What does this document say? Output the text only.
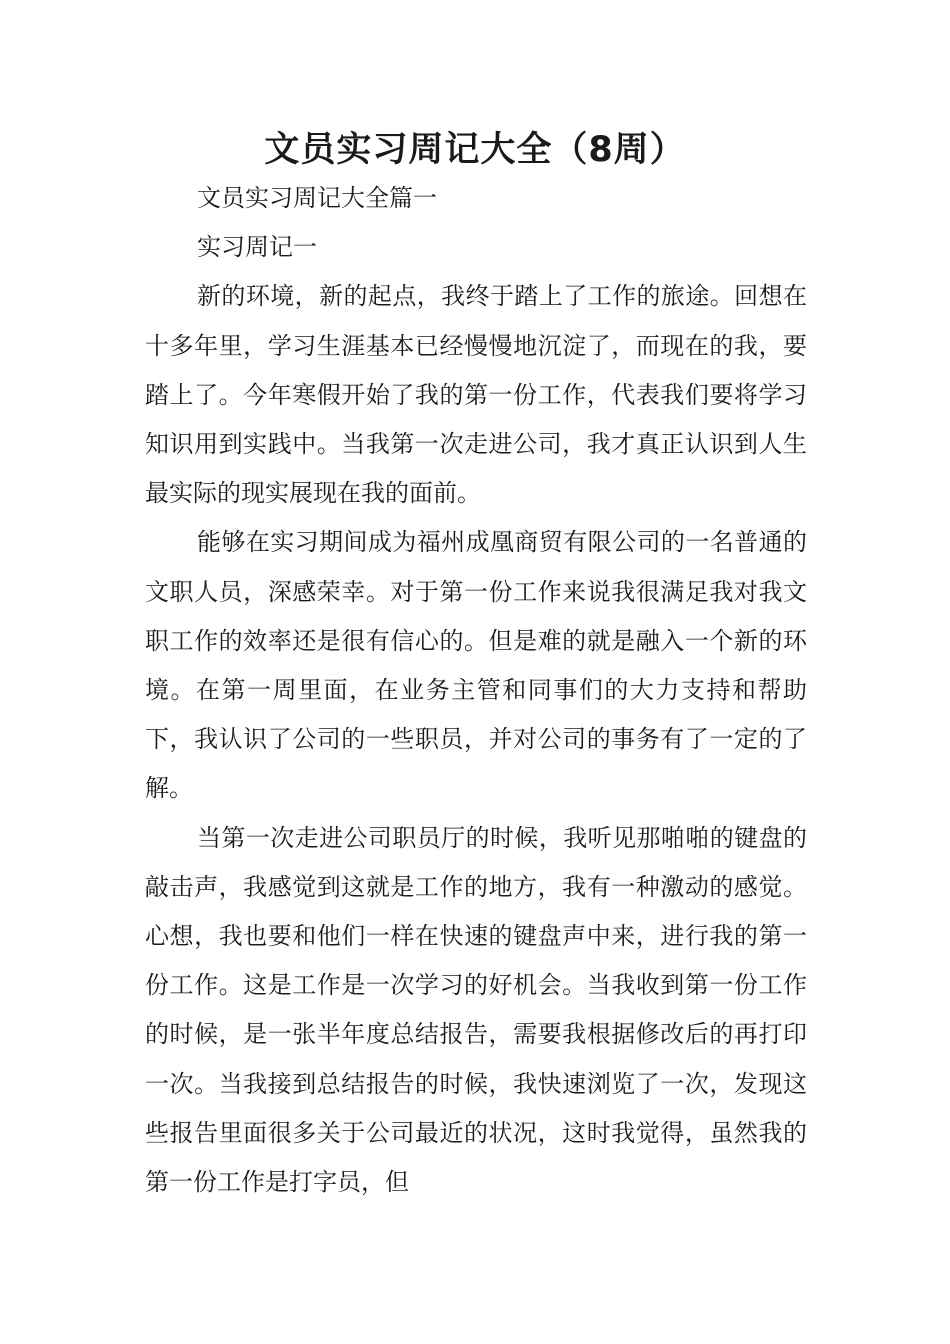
文员实习周记大全（8周）

文员实习周记大全篇一

实习周记一

新的环境，新的起点，我终于踏上了工作的旅途。回想在十多年里，学习生涯基本已经慢慢地沉淀了，而现在的我，要踏上了。今年寒假开始了我的第一份工作，代表我们要将学习知识用到实践中。当我第一次走进公司，我才真正认识到人生最实际的现实展现在我的面前。

能够在实习期间成为福州成凰商贸有限公司的一名普通的文职人员，深感荣幸。对于第一份工作来说我很满足我对我文职工作的效率还是很有信心的。但是难的就是融入一个新的环境。在第一周里面，在业务主管和同事们的大力支持和帮助下，我认识了公司的一些职员，并对公司的事务有了一定的了解。

当第一次走进公司职员厅的时候，我听见那啪啪的键盘的敲击声，我感觉到这就是工作的地方，我有一种激动的感觉。心想，我也要和他们一样在快速的键盘声中来，进行我的第一份工作。这是工作是一次学习的好机会。当我收到第一份工作的时候，是一张半年度总结报告，需要我根据修改后的再打印一次。当我接到总结报告的时候，我快速浏览了一次，发现这些报告里面很多关于公司最近的状况，这时我觉得，虽然我的第一份工作是打字员，但
